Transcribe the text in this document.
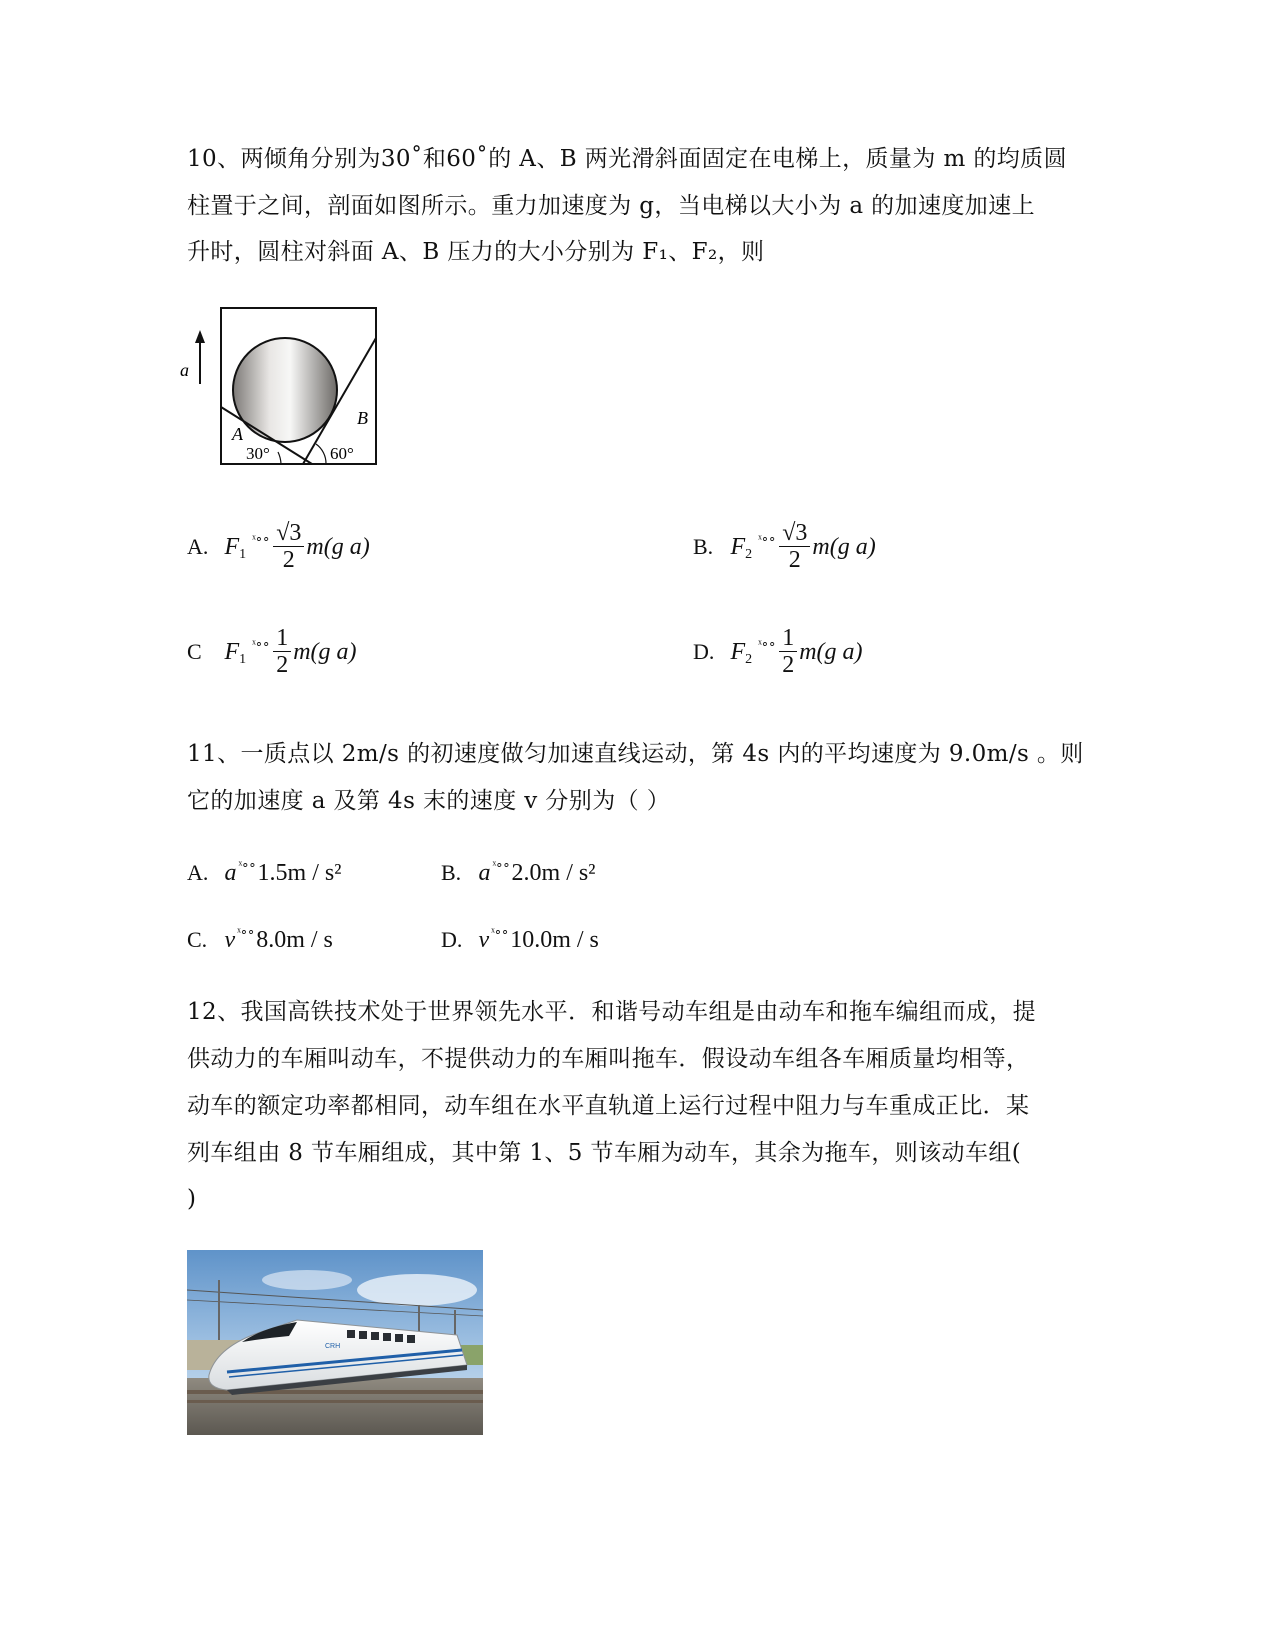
10、两倾角分别为30˚和60˚的 A、B 两光滑斜面固定在电梯上，质量为 m 的均质圆
柱置于之间，剖面如图所示。重力加速度为 g，当电梯以大小为 a 的加速度加速上
升时，圆柱对斜面 A、B 压力的大小分别为 F₁、F₂，则
a
A
B
30°	60°
A. F 1
ˣ∘∘ $\frac{√3}{2} m(g$ a)	B. F 2
ˣ∘∘ $\frac{√3}{2} m(g$ a)
C F 1
ˣ∘∘ $\frac{1}{2} m(g$ a)	D. F 2
ˣ∘∘ $\frac{1}{2} m(g$ a)
11、一质点以 2m/s 的初速度做匀加速直线运动，第 4s 内的平均速度为 9.0m/s 。则
它的加速度 a 及第 4s 末的速度 v 分别为（ ）
A. a ˣ∘∘ 1.5m / s²	B. a ˣ∘∘ 2.0m / s²
C. v ˣ∘∘ 8.0m / s	D. v ˣ∘∘ 10.0m / s
12、我国高铁技术处于世界领先水平．和谐号动车组是由动车和拖车编组而成，提
供动力的车厢叫动车，不提供动力的车厢叫拖车．假设动车组各车厢质量均相等，
动车的额定功率都相同，动车组在水平直轨道上运行过程中阻力与车重成正比．某
列车组由 8 节车厢组成，其中第 1、5 节车厢为动车，其余为拖车，则该动车组(
)
CRH
